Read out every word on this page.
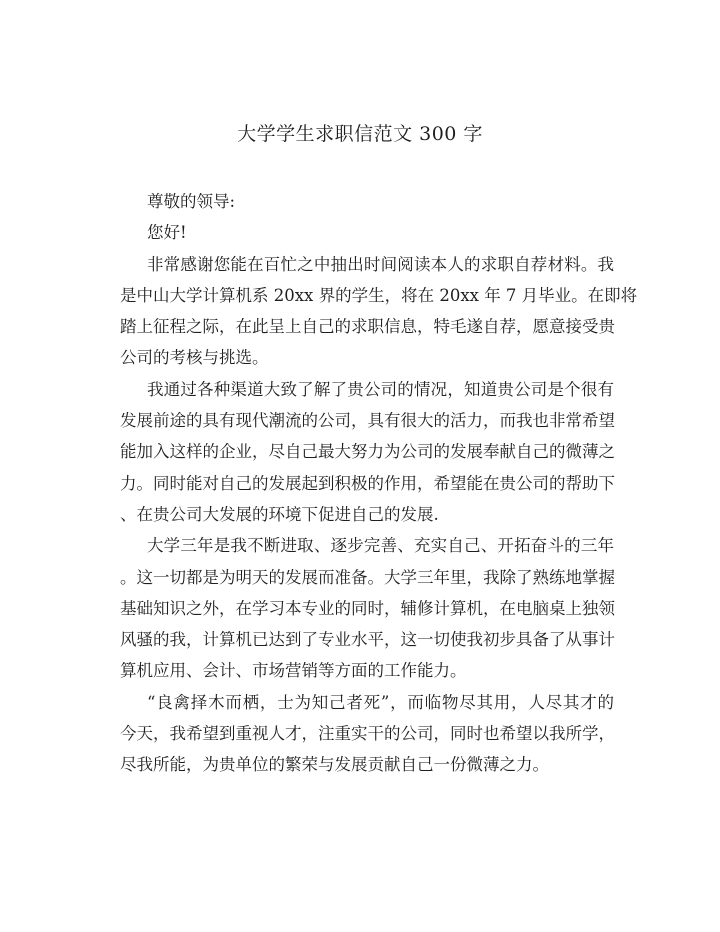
大学学生求职信范文 300 字
尊敬的领导:
您好!
非常感谢您能在百忙之中抽出时间阅读本人的求职自荐材料。我
是中山大学计算机系 20xx 界的学生，将在 20xx 年 7 月毕业。在即将
踏上征程之际，在此呈上自己的求职信息，特毛遂自荐，愿意接受贵
公司的考核与挑选。
我通过各种渠道大致了解了贵公司的情况，知道贵公司是个很有
发展前途的具有现代潮流的公司，具有很大的活力，而我也非常希望
能加入这样的企业，尽自己最大努力为公司的发展奉献自己的微薄之
力。同时能对自己的发展起到积极的作用，希望能在贵公司的帮助下
、在贵公司大发展的环境下促进自己的发展.
大学三年是我不断进取、逐步完善、充实自己、开拓奋斗的三年
。这一切都是为明天的发展而准备。大学三年里，我除了熟练地掌握
基础知识之外，在学习本专业的同时，辅修计算机，在电脑桌上独领
风骚的我，计算机已达到了专业水平，这一切使我初步具备了从事计
算机应用、会计、市场营销等方面的工作能力。
“良禽择木而栖，士为知己者死”，而临物尽其用，人尽其才的
今天，我希望到重视人才，注重实干的公司，同时也希望以我所学，
尽我所能，为贵单位的繁荣与发展贡献自己一份微薄之力。
